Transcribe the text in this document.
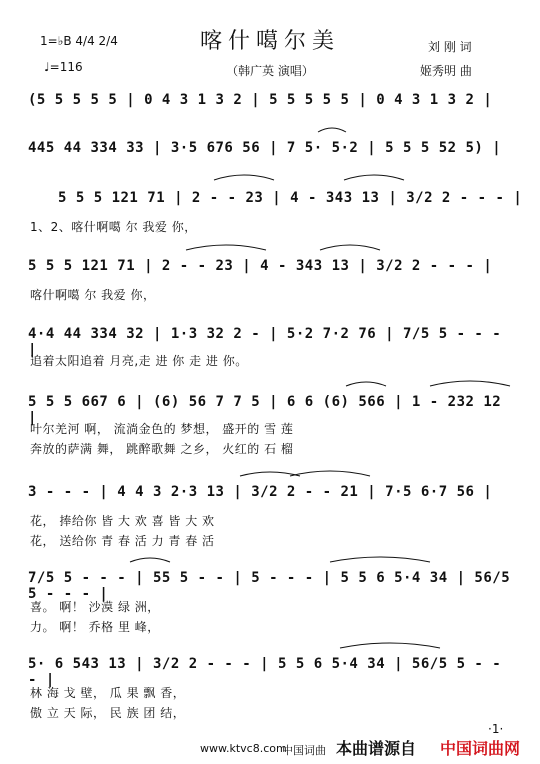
1=♭B 4/4 2/4
♩=116
喀什噶尔美
（韩广英 演唱）
刘 刚 词
姬秀明 曲
(5 5 5 5 5 | 0 4 3 1 3 2 | 5 5 5 5 5 | 0 4 3 1 3 2 |
445 44 334 33 | 3·5 676 56 | 7 5· 5·2 | 5 5 5 52 5) |
5 5 5 121 71 | 2 - - 23 | 4 - 343 13 | 3/2 2 - - - |
1、2、喀什啊噶 尔 我爱 你，
5 5 5 121 71 | 2 - - 23 | 4 - 343 13 | 3/2 2 - - - |
喀什啊噶 尔 我爱 你，
4·4 44 334 32 | 1·3 32 2 - | 5·2 7·2 76 | 7/5 5 - - - |
追着太阳追着 月亮,走 进 你 走 进 你。
5 5 5 667 6 | (6) 56 7 7 5 | 6 6 (6) 566 | 1 - 232 12 |
叶尔羌河 啊， 流淌金色的 梦想， 盛开的 雪 莲
奔放的萨满 舞， 跳醉歌舞 之乡， 火红的 石 榴
3 - - - | 4 4 3 2·3 13 | 3/2 2 - - 21 | 7·5 6·7 56 |
花， 捧给你 皆 大 欢 喜 皆 大 欢
花， 送给你 青 春 活 力 青 春 活
7/5 5 - - - | 55 5 - - | 5 - - - | 5 5 6 5·4 34 | 56/5 5 - - - |
喜。 啊！ 沙漠 绿 洲，
力。 啊！ 乔格 里 峰，
5· 6 543 13 | 3/2 2 - - - | 5 5 6 5·4 34 | 56/5 5 - - - |
林 海 戈 壁， 瓜 果 飘 香，
傲 立 天 际， 民 族 团 结，
www.ktvc8.com
中国词曲 本曲谱源自 中国词曲网
·1·
